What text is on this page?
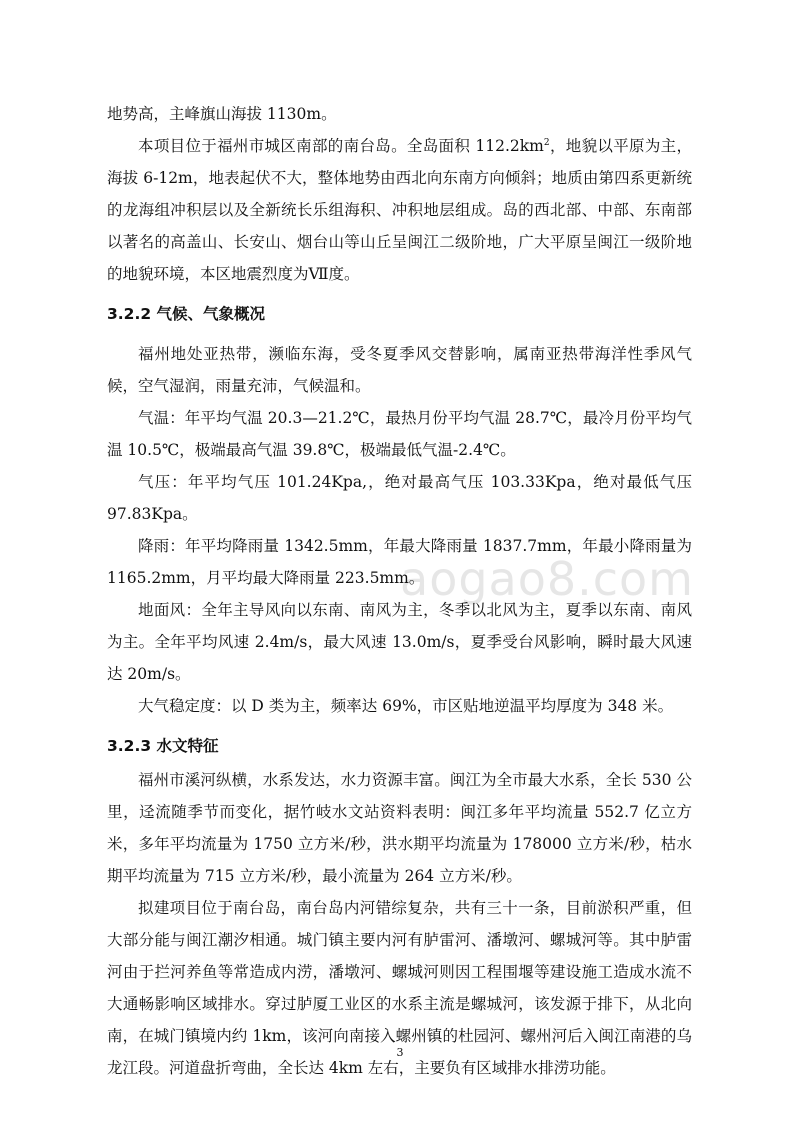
aogao8.com

地势高，主峰旗山海拔 1130m。

本项目位于福州市城区南部的南台岛。全岛面积 $112.2km^2$，地貌以平原为主，海拔 6-12m，地表起伏不大，整体地势由西北向东南方向倾斜；地质由第四系更新统的龙海组冲积层以及全新统长乐组海积、冲积地层组成。岛的西北部、中部、东南部以著名的高盖山、长安山、烟台山等山丘呈闽江二级阶地，广大平原呈闽江一级阶地的地貌环境，本区地震烈度为Ⅶ度。

3.2.2 气候、气象概况

福州地处亚热带，濒临东海，受冬夏季风交替影响，属南亚热带海洋性季风气候，空气湿润，雨量充沛，气候温和。

气温：年平均气温 20.3—21.2℃，最热月份平均气温 28.7℃，最冷月份平均气温 10.5℃，极端最高气温 39.8℃，极端最低气温-2.4℃。

气压：年平均气压 101.24Kpa,，绝对最高气压 103.33Kpa，绝对最低气压 97.83Kpa。

降雨：年平均降雨量 1342.5mm，年最大降雨量 1837.7mm，年最小降雨量为 1165.2mm，月平均最大降雨量 223.5mm。

地面风：全年主导风向以东南、南风为主，冬季以北风为主，夏季以东南、南风为主。全年平均风速 2.4m/s，最大风速 13.0m/s，夏季受台风影响，瞬时最大风速达 20m/s。

大气稳定度：以 D 类为主，频率达 69%，市区贴地逆温平均厚度为 348 米。

3.2.3 水文特征

福州市溪河纵横，水系发达，水力资源丰富。闽江为全市最大水系，全长 530 公里，迳流随季节而变化，据竹岐水文站资料表明：闽江多年平均流量 552.7 亿立方米，多年平均流量为 1750 立方米/秒，洪水期平均流量为 178000 立方米/秒，枯水期平均流量为 715 立方米/秒，最小流量为 264 立方米/秒。

拟建项目位于南台岛，南台岛内河错综复杂，共有三十一条，目前淤积严重，但大部分能与闽江潮汐相通。城门镇主要内河有胪雷河、潘墩河、螺城河等。其中胪雷河由于拦河养鱼等常造成内涝，潘墩河、螺城河则因工程围堰等建设施工造成水流不大通畅影响区域排水。穿过胪厦工业区的水系主流是螺城河，该发源于排下，从北向南，在城门镇境内约 1km，该河向南接入螺州镇的杜园河、螺州河后入闽江南港的乌龙江段。河道盘折弯曲，全长达 4km 左右，主要负有区域排水排涝功能。

3
